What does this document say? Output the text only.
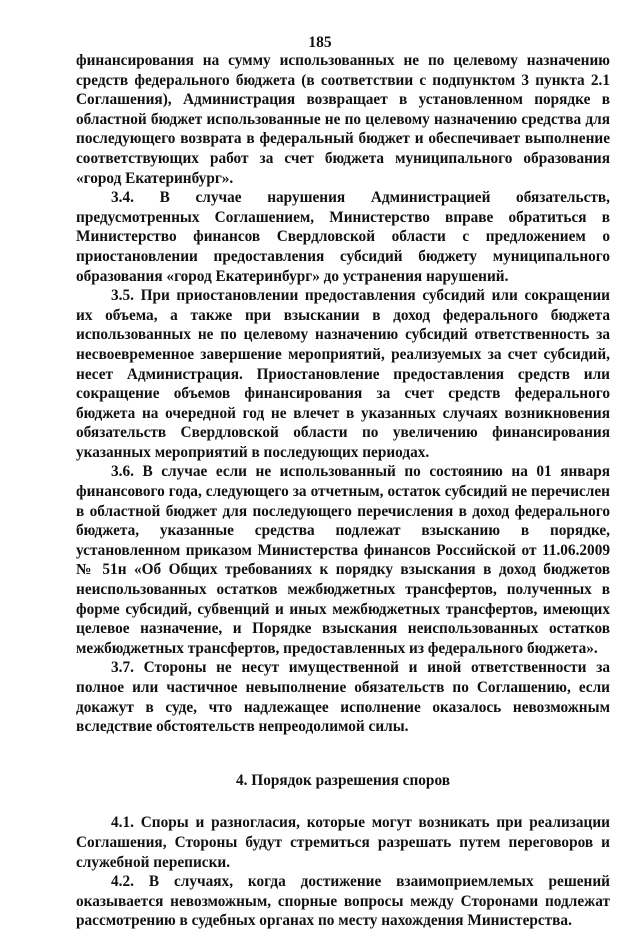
185

финансирования на сумму использованных не по целевому назначению средств федерального бюджета (в соответствии с подпунктом 3 пункта 2.1 Соглашения), Администрация возвращает в установленном порядке в областной бюджет использованные не по целевому назначению средства для последующего возврата в федеральный бюджет и обеспечивает выполнение соответствующих работ за счет бюджета муниципального образования «город Екатеринбург».

3.4. В случае нарушения Администрацией обязательств, предусмотренных Соглашением, Министерство вправе обратиться в Министерство финансов Свердловской области с предложением о приостановлении предоставления субсидий бюджету муниципального образования «город Екатеринбург» до устранения нарушений.

3.5. При приостановлении предоставления субсидий или сокращении их объема, а также при взыскании в доход федерального бюджета использованных не по целевому назначению субсидий ответственность за несвоевременное завершение мероприятий, реализуемых за счет субсидий, несет Администрация. Приостановление предоставления средств или сокращение объемов финансирования за счет средств федерального бюджета на очередной год не влечет в указанных случаях возникновения обязательств Свердловской области по увеличению финансирования указанных мероприятий в последующих периодах.

3.6. В случае если не использованный по состоянию на 01 января финансового года, следующего за отчетным, остаток субсидий не перечислен в областной бюджет для последующего перечисления в доход федерального бюджета, указанные средства подлежат взысканию в порядке, установленном приказом Министерства финансов Российской от 11.06.2009 № 51н «Об Общих требованиях к порядку взыскания в доход бюджетов неиспользованных остатков межбюджетных трансфертов, полученных в форме субсидий, субвенций и иных межбюджетных трансфертов, имеющих целевое назначение, и Порядке взыскания неиспользованных остатков межбюджетных трансфертов, предоставленных из федерального бюджета».

3.7. Стороны не несут имущественной и иной ответственности за полное или частичное невыполнение обязательств по Соглашению, если докажут в суде, что надлежащее исполнение оказалось невозможным вследствие обстоятельств непреодолимой силы.

4. Порядок разрешения споров

4.1. Споры и разногласия, которые могут возникать при реализации Соглашения, Стороны будут стремиться разрешать путем переговоров и служебной переписки.

4.2. В случаях, когда достижение взаимоприемлемых решений оказывается невозможным, спорные вопросы между Сторонами подлежат рассмотрению в судебных органах по месту нахождения Министерства.
